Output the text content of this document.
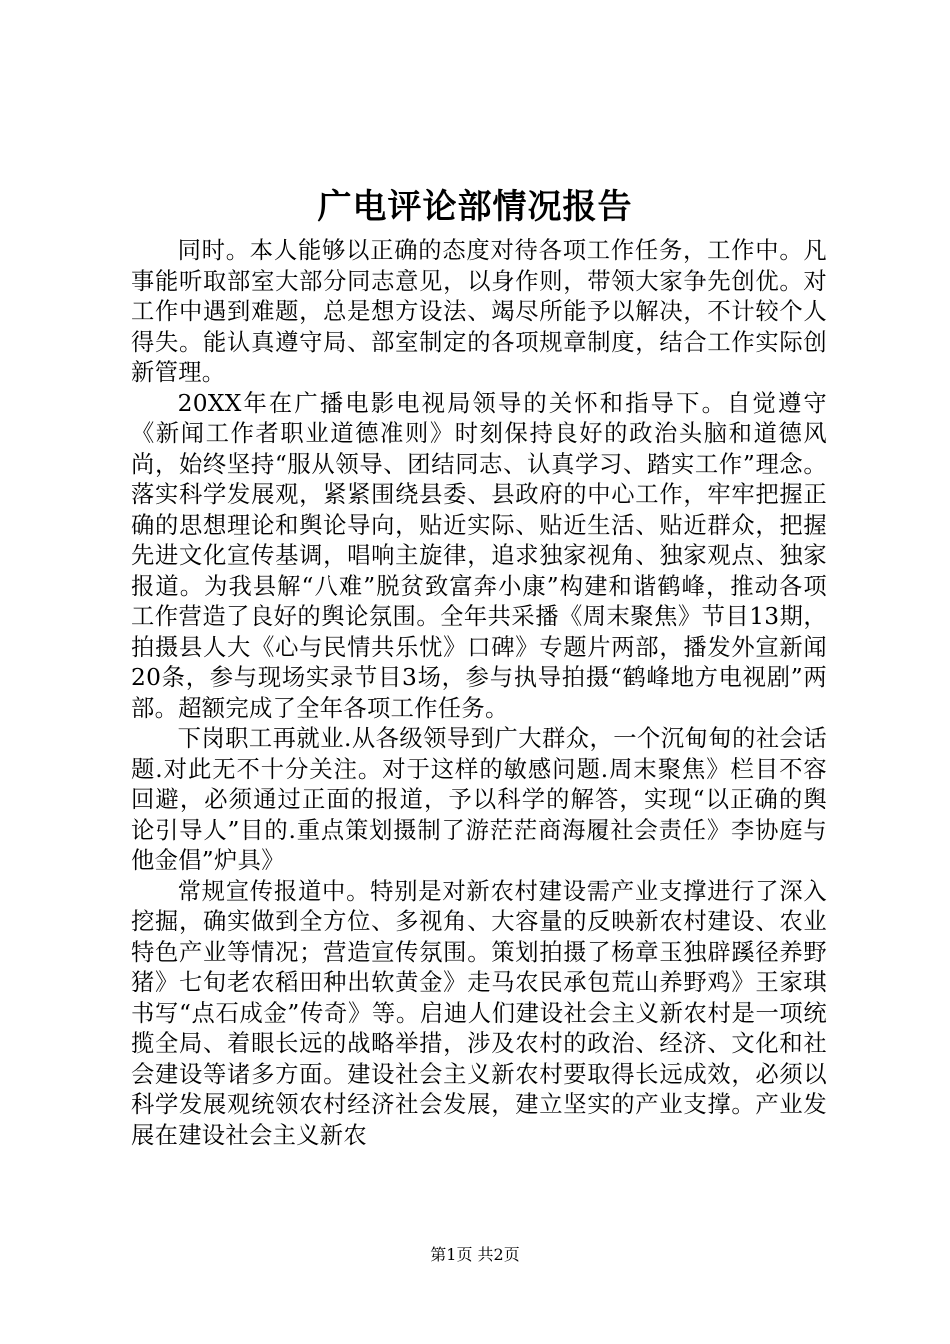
广电评论部情况报告

同时。本人能够以正确的态度对待各项工作任务，工作中。凡事能听取部室大部分同志意见，以身作则，带领大家争先创优。对工作中遇到难题，总是想方设法、竭尽所能予以解决，不计较个人得失。能认真遵守局、部室制定的各项规章制度，结合工作实际创新管理。

20XX年在广播电影电视局领导的关怀和指导下。自觉遵守《新闻工作者职业道德准则》时刻保持良好的政治头脑和道德风尚，始终坚持“服从领导、团结同志、认真学习、踏实工作”理念。落实科学发展观，紧紧围绕县委、县政府的中心工作，牢牢把握正确的思想理论和舆论导向，贴近实际、贴近生活、贴近群众，把握先进文化宣传基调，唱响主旋律，追求独家视角、独家观点、独家报道。为我县解“八难”脱贫致富奔小康”构建和谐鹤峰，推动各项工作营造了良好的舆论氛围。全年共采播《周末聚焦》节目13期，拍摄县人大《心与民情共乐忧》口碑》专题片两部，播发外宣新闻20条，参与现场实录节目3场，参与执导拍摄“鹤峰地方电视剧”两部。超额完成了全年各项工作任务。

下岗职工再就业.从各级领导到广大群众，一个沉甸甸的社会话题.对此无不十分关注。对于这样的敏感问题.周末聚焦》栏目不容回避，必须通过正面的报道，予以科学的解答，实现“以正确的舆论引导人”目的.重点策划摄制了游茫茫商海履社会责任》李协庭与他金倡”炉具》

常规宣传报道中。特别是对新农村建设需产业支撑进行了深入挖掘，确实做到全方位、多视角、大容量的反映新农村建设、农业特色产业等情况；营造宣传氛围。策划拍摄了杨章玉独辟蹊径养野猪》七旬老农稻田种出软黄金》走马农民承包荒山养野鸡》王家琪书写“点石成金”传奇》等。启迪人们建设社会主义新农村是一项统揽全局、着眼长远的战略举措，涉及农村的政治、经济、文化和社会建设等诸多方面。建设社会主义新农村要取得长远成效，必须以科学发展观统领农村经济社会发展，建立坚实的产业支撑。产业发展在建设社会主义新农

第1页 共2页
